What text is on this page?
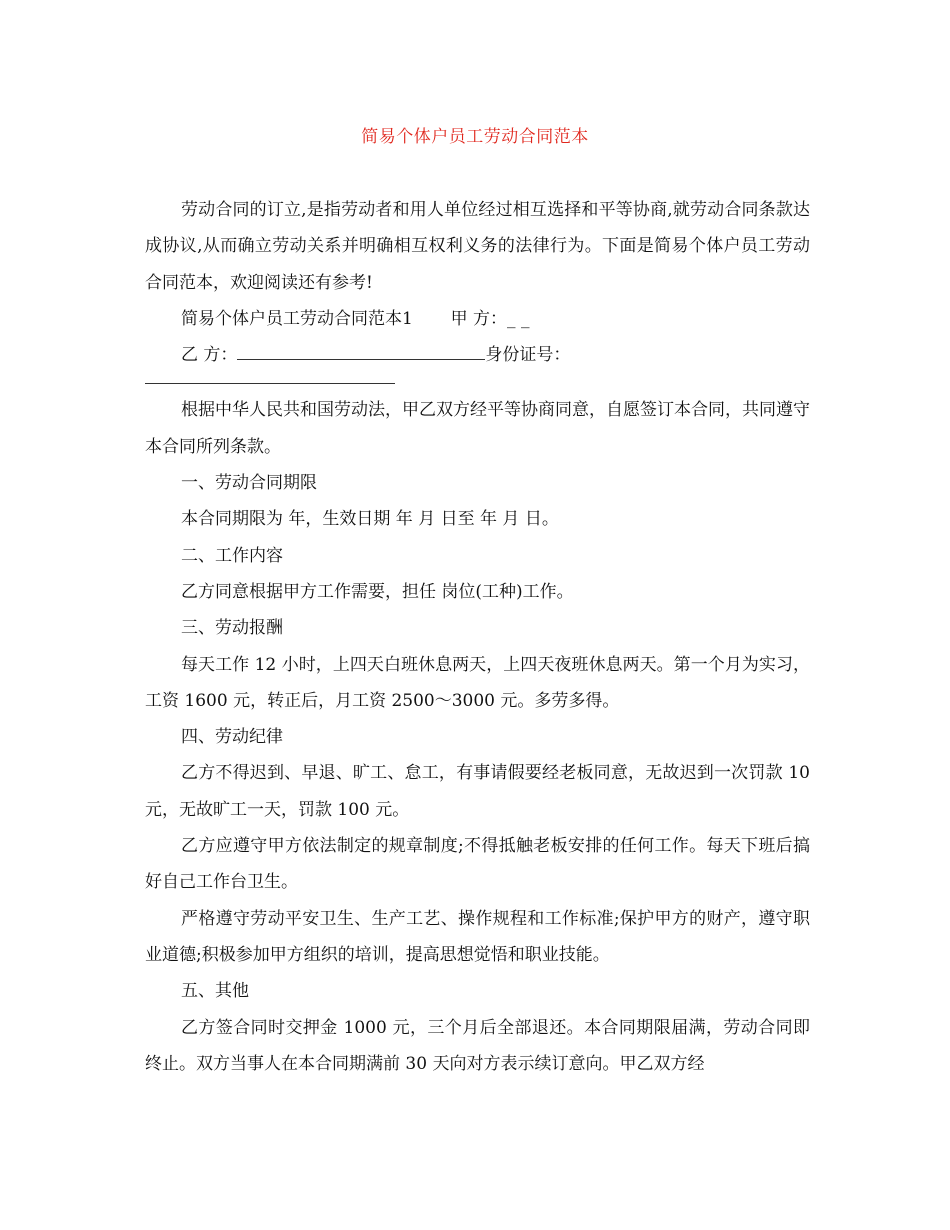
简易个体户员工劳动合同范本

劳动合同的订立,是指劳动者和用人单位经过相互选择和平等协商,就劳动合同条款达成协议,从而确立劳动关系并明确相互权利义务的法律行为。下面是简易个体户员工劳动合同范本，欢迎阅读还有参考!

简易个体户员工劳动合同范本1 甲 方：_ _

乙 方：	身份证号：

根据中华人民共和国劳动法，甲乙双方经平等协商同意，自愿签订本合同，共同遵守本合同所列条款。

一、劳动合同期限

本合同期限为 年，生效日期 年 月 日至 年 月 日。

二、工作内容

乙方同意根据甲方工作需要，担任 岗位(工种)工作。

三、劳动报酬

每天工作 12 小时，上四天白班休息两天，上四天夜班休息两天。第一个月为实习，工资 1600 元，转正后，月工资 2500～3000 元。多劳多得。

四、劳动纪律

乙方不得迟到、早退、旷工、怠工，有事请假要经老板同意，无故迟到一次罚款 10 元，无故旷工一天，罚款 100 元。

乙方应遵守甲方依法制定的规章制度;不得抵触老板安排的任何工作。每天下班后搞好自己工作台卫生。

严格遵守劳动平安卫生、生产工艺、操作规程和工作标准;保护甲方的财产，遵守职业道德;积极参加甲方组织的培训，提高思想觉悟和职业技能。

五、其他

乙方签合同时交押金 1000 元，三个月后全部退还。本合同期限届满，劳动合同即终止。双方当事人在本合同期满前 30 天向对方表示续订意向。甲乙双方经
